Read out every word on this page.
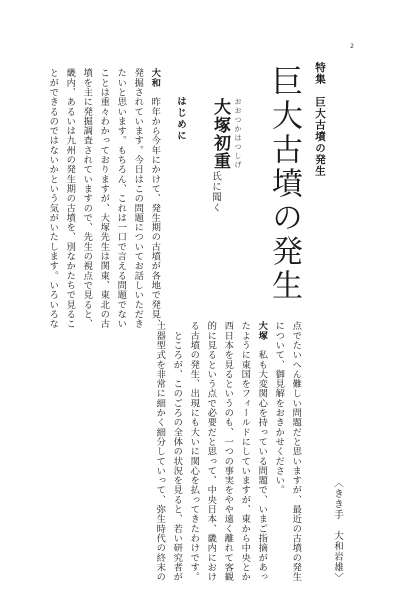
2
特集　巨大古墳の発生
巨大古墳の発生
おおつかはつしげ
大塚初重
氏に聞く
はじめに
大和　昨年から今年にかけて、発生期の古墳が各地で発見、
発掘されています。今日はこの問題についてお話しいただき
たいと思います。もちろん、これは一口で言える問題でない
ことは重々わかっておりますが、大塚先生は関東、東北の古
墳を主に発掘調査されていますので、先生の視点で見ると、
畿内、あるいは九州の発生期の古墳を、別なかたちで見るこ
とができるのではないかという気がいたします。いろいろな
〈きき手　大和岩雄〉
点でたいへん難しい問題だと思いますが、最近の古墳の発生
について、御見解をおきかせください。
大塚　私も大変関心を持っている問題で、いまご指摘があっ
たように東国をフィールドにしていますが、東から中央とか
西日本を見るというのも、一つの事実をやや遠く離れて客観
的に見るという点で必要だと思って、中央日本、畿内におけ
る古墳の発生、出現にも大いに関心を払ってきたわけです。
　ところが、このごろの全体の状況を見ると、若い研究者が
土器型式を非常に細かく細分していって、弥生時代の終末の
